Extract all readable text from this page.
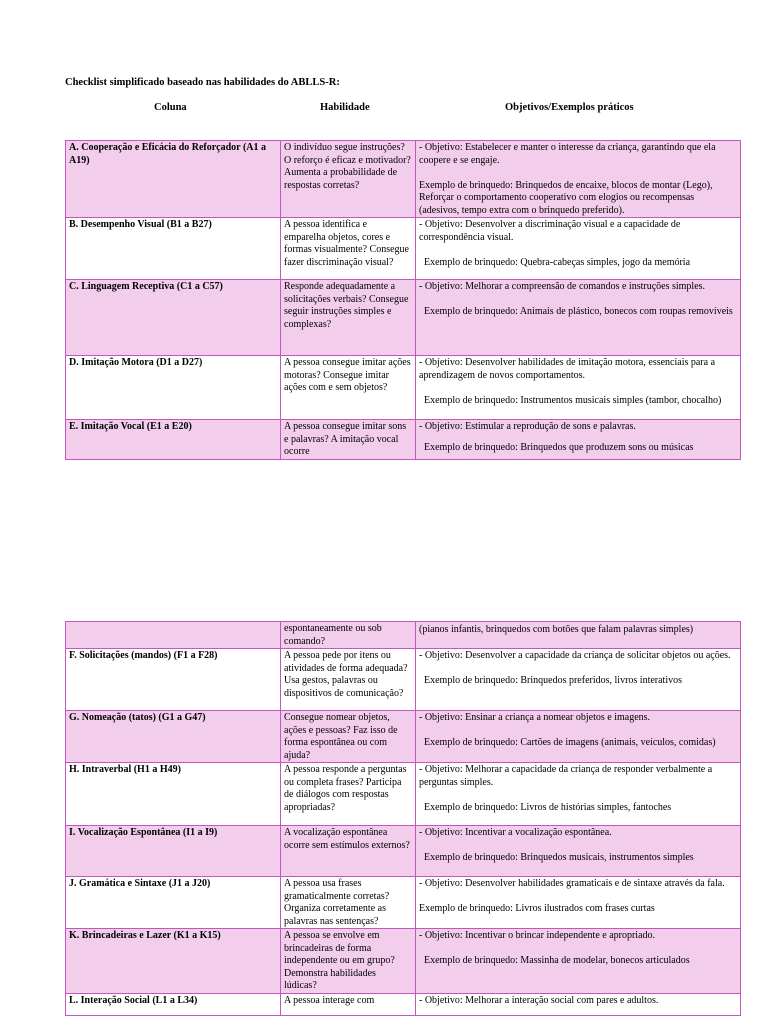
Checklist simplificado baseado nas habilidades do ABLLS-R:
Coluna	Habilidade	Objetivos/Exemplos práticos
A. Cooperação e Eficácia do Reforçador (A1 a A19)	O indivíduo segue instruções? O reforço é eficaz e motivador? Aumenta a probabilidade de respostas corretas?	- Objetivo: Estabelecer e manter o interesse da criança, garantindo que ela coopere e se engaje.
Exemplo de brinquedo: Brinquedos de encaixe, blocos de montar (Lego), Reforçar o comportamento cooperativo com elogios ou recompensas (adesivos, tempo extra com o brinquedo preferido).

B. Desempenho Visual (B1 a B27)	A pessoa identifica e emparelha objetos, cores e formas visualmente? Consegue fazer discriminação visual?	- Objetivo: Desenvolver a discriminação visual e a capacidade de correspondência visual.
Exemplo de brinquedo: Quebra-cabeças simples, jogo da memória

C. Linguagem Receptiva (C1 a C57)	Responde adequadamente a solicitações verbais? Consegue seguir instruções simples e complexas?	- Objetivo: Melhorar a compreensão de comandos e instruções simples.
Exemplo de brinquedo: Animais de plástico, bonecos com roupas removíveis

D. Imitação Motora (D1 a D27)	A pessoa consegue imitar ações motoras? Consegue imitar ações com e sem objetos?	- Objetivo: Desenvolver habilidades de imitação motora, essenciais para a aprendizagem de novos comportamentos.
Exemplo de brinquedo: Instrumentos musicais simples (tambor, chocalho)

E. Imitação Vocal (E1 a E20)	A pessoa consegue imitar sons e palavras? A imitação vocal ocorre	- Objetivo: Estimular a reprodução de sons e palavras.
Exemplo de brinquedo: Brinquedos que produzem sons ou músicas
	espontaneamente ou sob comando?	(pianos infantis, brinquedos com botões que falam palavras simples)

F. Solicitações (mandos) (F1 a F28)	A pessoa pede por itens ou atividades de forma adequada? Usa gestos, palavras ou dispositivos de comunicação?	- Objetivo: Desenvolver a capacidade da criança de solicitar objetos ou ações.
Exemplo de brinquedo: Brinquedos preferidos, livros interativos

G. Nomeação (tatos) (G1 a G47)	Consegue nomear objetos, ações e pessoas? Faz isso de forma espontânea ou com ajuda?	- Objetivo: Ensinar a criança a nomear objetos e imagens.
Exemplo de brinquedo: Cartões de imagens (animais, veículos, comidas)

H. Intraverbal (H1 a H49)	A pessoa responde a perguntas ou completa frases? Participa de diálogos com respostas apropriadas?	- Objetivo: Melhorar a capacidade da criança de responder verbalmente a perguntas simples.
Exemplo de brinquedo: Livros de histórias simples, fantoches

I. Vocalização Espontânea (I1 a I9)	A vocalização espontânea ocorre sem estímulos externos?	- Objetivo: Incentivar a vocalização espontânea.
Exemplo de brinquedo: Brinquedos musicais, instrumentos simples

J. Gramática e Sintaxe (J1 a J20)	A pessoa usa frases gramaticalmente corretas? Organiza corretamente as palavras nas sentenças?	- Objetivo: Desenvolver habilidades gramaticais e de sintaxe através da fala.
Exemplo de brinquedo: Livros ilustrados com frases curtas

K. Brincadeiras e Lazer (K1 a K15)	A pessoa se envolve em brincadeiras de forma independente ou em grupo? Demonstra habilidades lúdicas?	- Objetivo: Incentivar o brincar independente e apropriado.
Exemplo de brinquedo: Massinha de modelar, bonecos articulados

L. Interação Social (L1 a L34)	A pessoa interage com	- Objetivo: Melhorar a interação social com pares e adultos.
